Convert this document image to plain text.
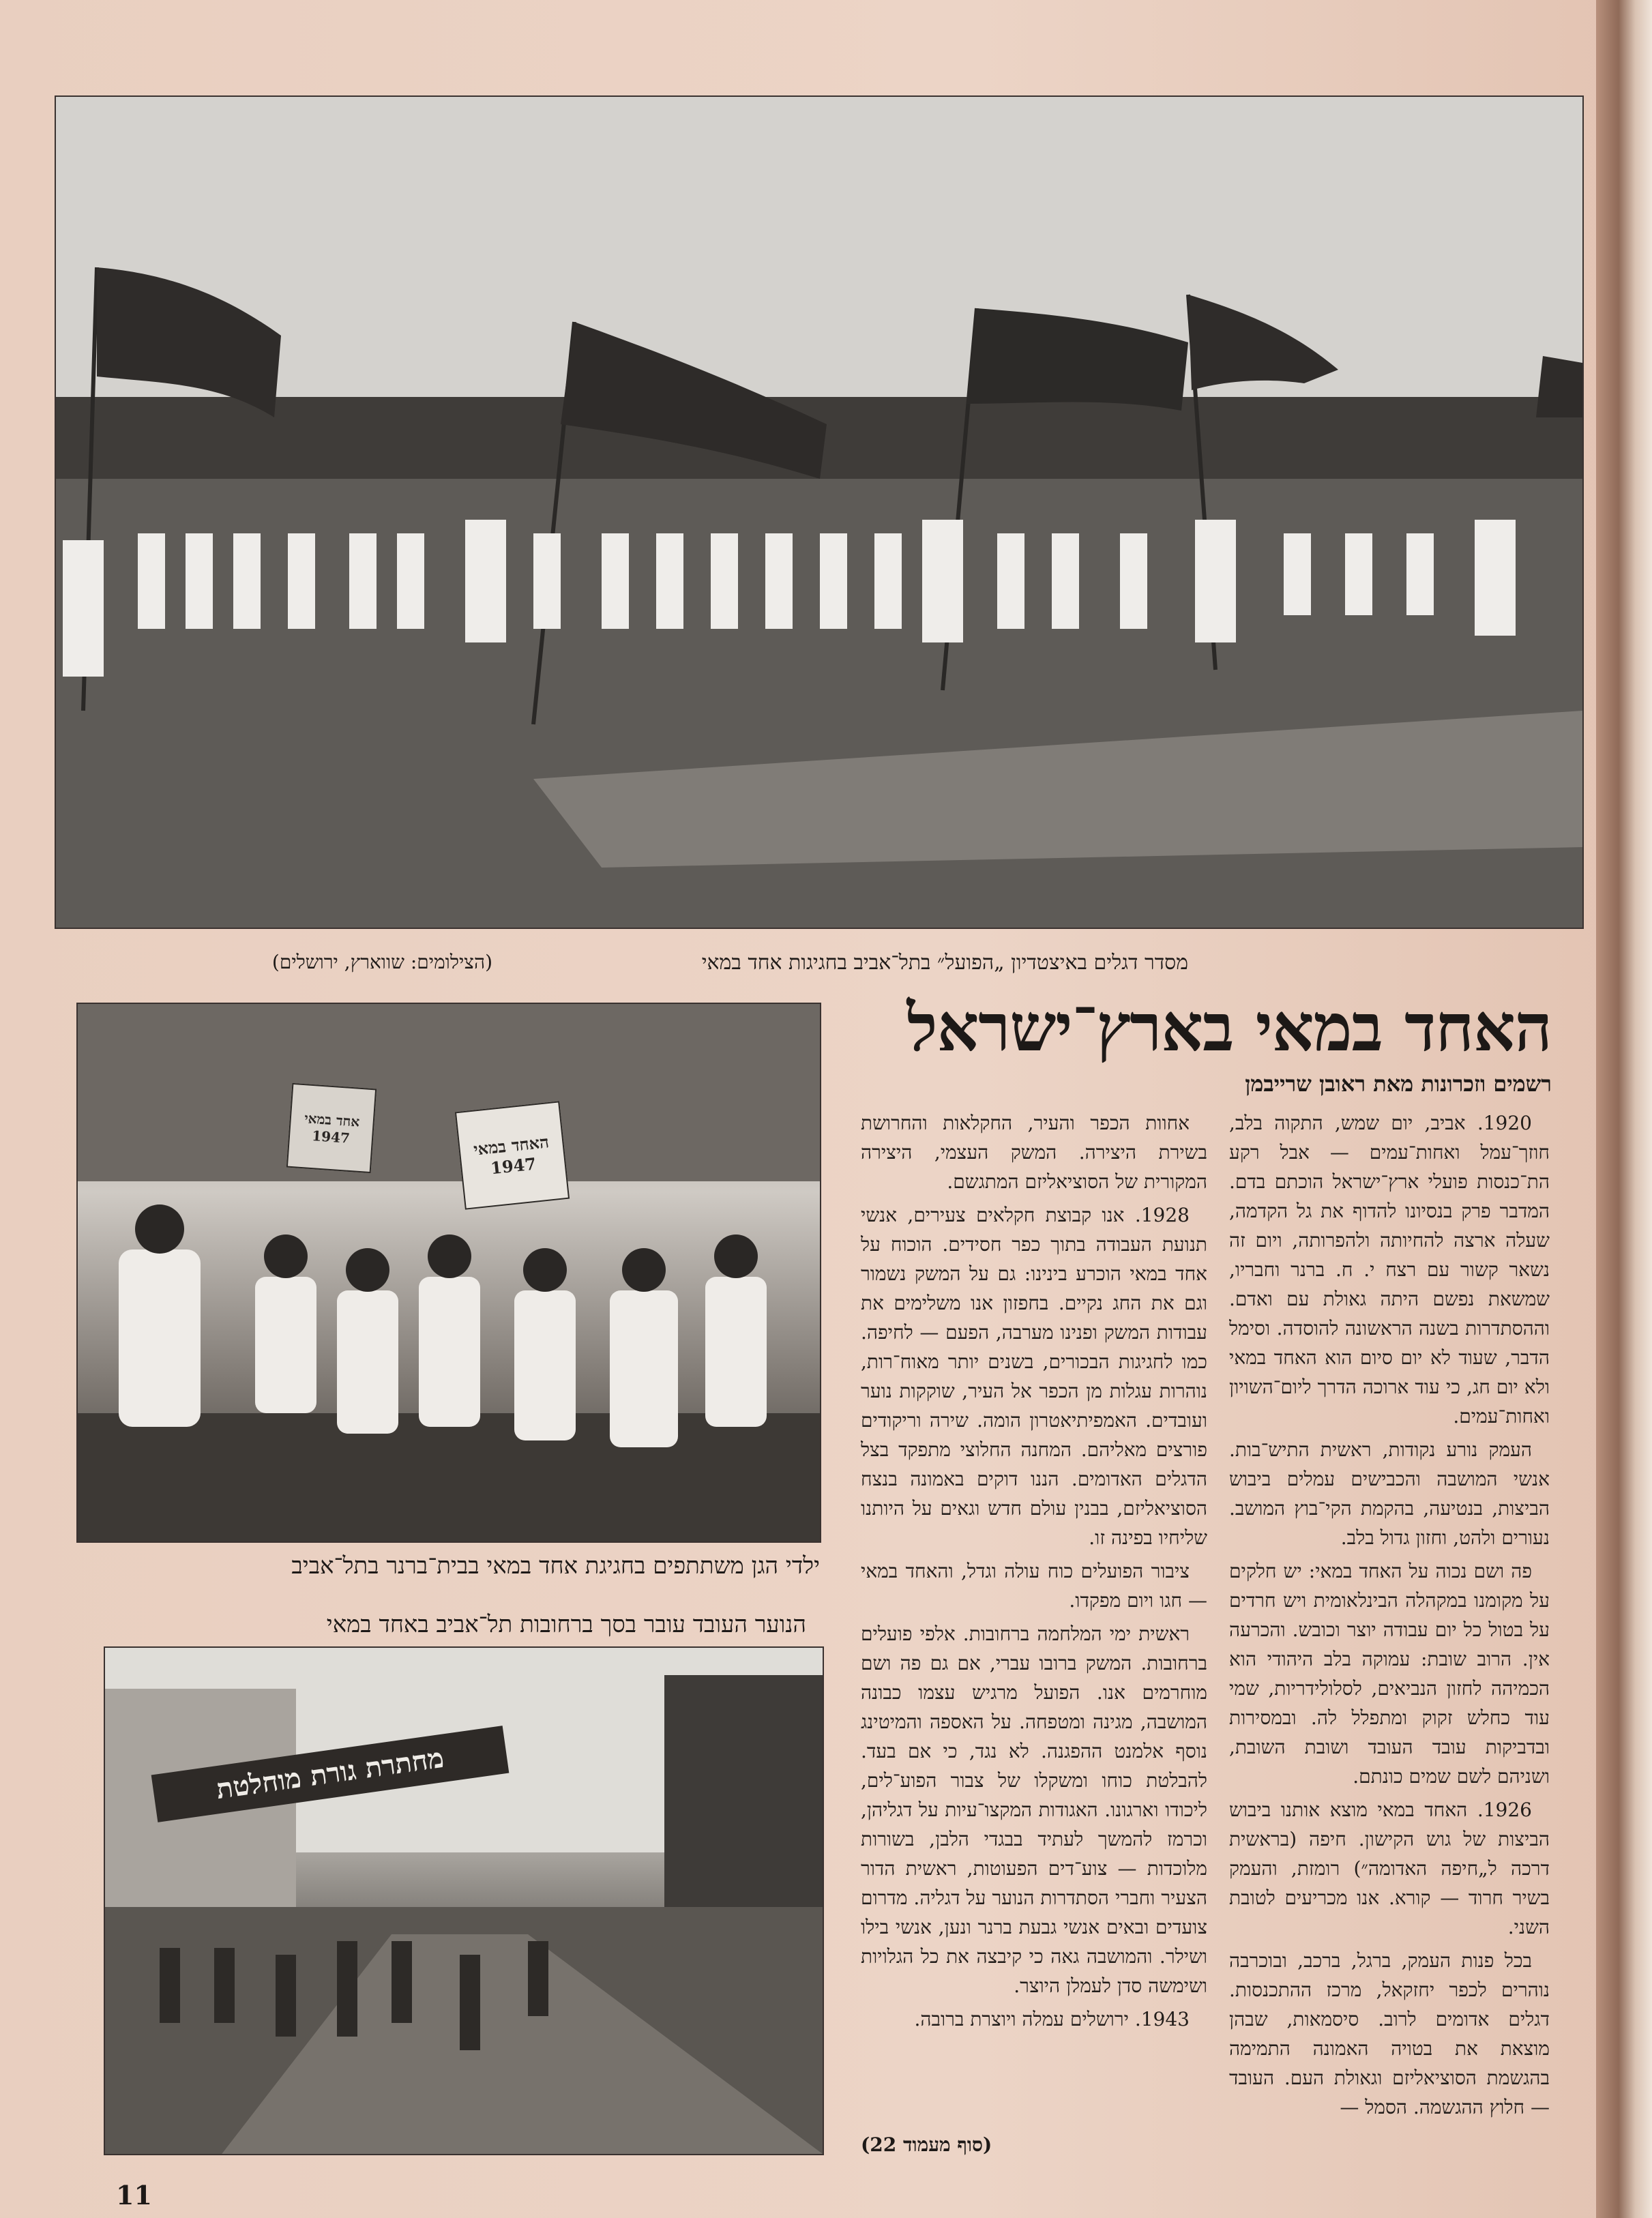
מסדר דגלים באיצטדיון „הפועל״ בתל־אביב בחגיגות אחד במאי
(הצילומים: שווארץ, ירושלים)
האחד במאי 1947
אחד במאי 1947
ילדי הגן משתתפים בחגיגת אחד במאי בבית־ברנר בתל־אביב
הנוער העובד עובר בסך ברחובות תל־אביב באחד במאי
מחתרת גורת מוחלטת
האחד במאי בארץ־ישראל
רשמים וזכרונות מאת ראובן שרייבמן

1920. אביב, יום שמש, התקוה בלב, חוזך־עמל ואחות־עמים — אבל רקע הת־כנסות פועלי ארץ־ישראל הוכתם בדם. המדבר פרק בנסיונו להדוף את גל הקדמה, שעלה ארצה להחיותה ולהפרותה, ויום זה נשאר קשור עם רצח י. ח. ברנר וחבריו, שמשאת נפשם היתה גאולת עם ואדם. וההסתדרות בשנה הראשונה להוסדה. וסימל הדבר, שעוד לא יום סיום הוא האחד במאי ולא יום חג, כי עוד ארוכה הדרך ליום־השויון ואחות־עמים.

העמק נורע נקודות, ראשית התיש־בות. אנשי המושבה והכבישים עמלים ביבוש הביצות, בנטיעה, בהקמת הקי־בוץ המושב. נעורים ולהט, וחזון גדול בלב.

פה ושם נכוה על האחד במאי: יש חלקים על מקומנו במקהלה הבינלאומית ויש חרדים על בטול כל יום עבודה יוצר וכובש. והכרעה אין. הרוב שובת: עמוקה בלב היהודי הוא הכמיהה לחזון הנביאים, לסלולידריות, שמי עוד כחלש זקוק ומתפלל לה. ובמסירות ובדביקות עובד העובד ושובת השובת, ושניהם לשם שמים כונתם.

1926. האחד במאי מוצא אותנו ביבוש הביצות של גוש הקישון. חיפה (בראשית דרכה ל„חיפה האדומה״) רומזת, והעמק בשיר חרוד — קורא. אנו מכריעים לטובת השני.

בכל פנות העמק, ברגל, ברכב, ובוכרבה נוהרים לכפר יחזקאל, מרכז ההתכנסות. דגלים אדומים לרוב. סיסמאות, שבהן מוצאת את בטויה האמונה התמימה בהגשמת הסוציאליזם וגאולת העם. העובד — חלוץ ההגשמה. הסמל —

אחוות הכפר והעיר, החקלאות והחרושת בשירת היצירה. המשק העצמי, היצירה המקורית של הסוציאליזם המתגשם.

1928. אנו קבוצת חקלאים צעירים, אנשי תנועת העבודה בתוך כפר חסידים. הוכוח על אחד במאי הוכרע בינינו: גם על המשק נשמור וגם את החג נקיים. בחפזון אנו משלימים את עבודות המשק ופנינו מערבה, הפעם — לחיפה. כמו לחגיגות הבכורים, בשנים יותר מאוח־רות, נוהרות עגלות מן הכפר אל העיר, שוקקות נוער ועובדים. האמפיתיאטרון הומה. שירה וריקודים פורצים מאליהם. המחנה החלוצי מתפקד בצל הדגלים האדומים. הננו דוקים באמונה בנצח הסוציאליזם, בבנין עולם חדש וגאים על היותנו שליחיו בפינה זו.

ציבור הפועלים כוח עולה וגדל, והאחד במאי — חגו ויום מפקדו.

ראשית ימי המלחמה ברחובות. אלפי פועלים ברחובות. המשק ברובו עברי, אם גם פה ושם מוחרמים אנו. הפועל מרגיש עצמו כבונה המושבה, מגינה ומטפחה. על האספה והמיטינג נוסף אלמנט ההפגנה. לא נגד, כי אם בעד. להבלטת כוחו ומשקלו של צבור הפוע־לים, ליכודו וארגונו. האגודות המקצו־עיות על דגליהן, וכרמז להמשך לעתיד בבגדי הלבן, בשורות מלוכדות — צוע־דים הפעוטות, ראשית הדור הצעיר וחברי הסתדרות הנוער על דגליה. מדרום צועדים ובאים אנשי גבעת ברנר ונען, אנשי בילו ושילר. והמושבה גאה כי קיבצה את כל הגלויות ושימשה סדן לעמלן היוצר.

1943. ירושלים עמלה ויוצרת ברובה.

(סוף מעמוד 22)
11
